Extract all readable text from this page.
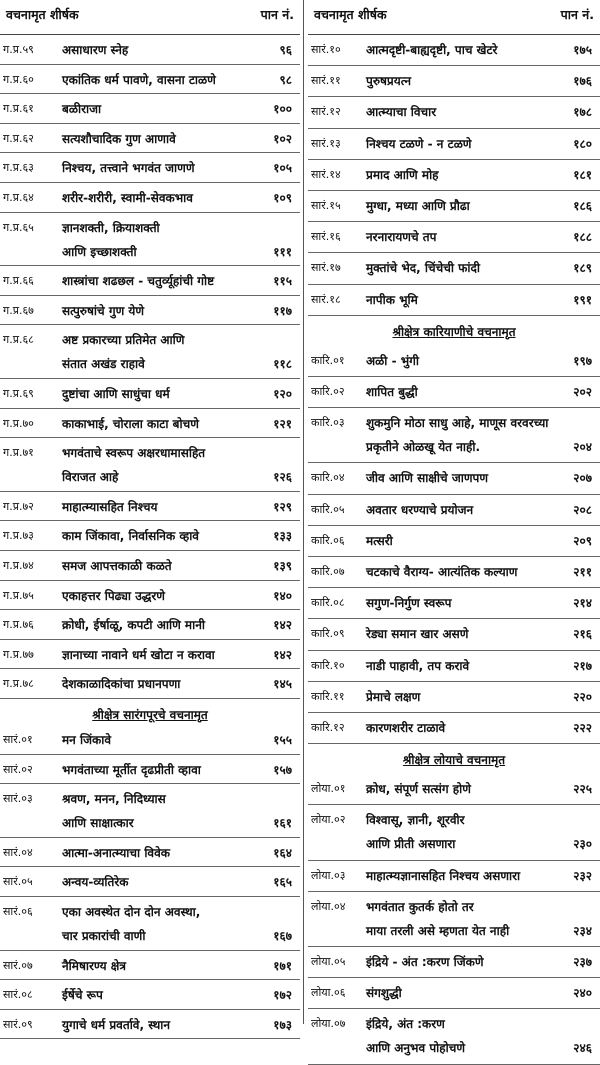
वचनामृत शीर्षक	पान नं.
ग.प्र.५९ असाधारण स्नेह	९६
ग.प्र.६० एकांतिक धर्म पावणे, वासना टाळणे	९८
ग.प्र.६१ बळीराजा	१००
ग.प्र.६२ सत्यशौचादिक गुण आणावे	१०२
ग.प्र.६३ निश्चय, तत्त्वाने भगवंत जाणणे	१०५
ग.प्र.६४ शरीर-शरीरी, स्वामी-सेवकभाव	१०९
ग.प्र.६५ ज्ञानशक्ती, क्रियाशक्ती
आणि इच्छाशक्ती	१११
ग.प्र.६६ शास्त्रांचा शढछल - चतुर्व्यूहांची गोष्ट	११५
ग.प्र.६७ सत्पुरुषांचे गुण येणे	११७
ग.प्र.६८ अष्ट प्रकारच्या प्रतिमेत आणि
संतात अखंड राहावे	११८
ग.प्र.६९ दुष्टांचा आणि साधुंचा धर्म	१२०
ग.प्र.७० काकाभाई, चोराला काटा बोचणे	१२१
ग.प्र.७१ भगवंताचे स्वरूप अक्षरधामासहित
विराजत आहे	१२६
ग.प्र.७२ माहात्म्यासहित निश्चय	१२९
ग.प्र.७३ काम जिंकावा, निर्वासनिक व्हावे	१३३
ग.प्र.७४ समज आपत्तकाळी कळते	१३९
ग.प्र.७५ एकाहत्तर पिढ्या उद्धरणे	१४०
ग.प्र.७६ क्रोधी, ईर्षाळू, कपटी आणि मानी	१४२
ग.प्र.७७ ज्ञानाच्या नावाने धर्म खोटा न करावा	१४२
ग.प्र.७८ देशकाळादिकांचा प्रधानपणा	१४५
श्रीक्षेत्र सारंगपूरचे वचनामृत
सारं.०१ मन जिंकावे	१५५
सारं.०२ भगवंताच्या मूर्तीत दृढप्रीती व्हावा	१५७
सारं.०३ श्रवण, मनन, निदिध्यास
आणि साक्षात्कार	१६१
सारं.०४ आत्मा-अनात्म्याचा विवेक	१६४
सारं.०५ अन्वय-व्यतिरेक	१६५
सारं.०६ एका अवस्थेत दोन दोन अवस्था,
चार प्रकारांची वाणी	१६७
सारं.०७ नैमिषारण्य क्षेत्र	१७१
सारं.०८ ईर्षेचे रूप	१७२
सारं.०९ युगाचे धर्म प्रवर्तावे, स्थान	१७३
वचनामृत शीर्षक	पान नं.
सारं.१० आत्मदृष्टी-बाह्यदृष्टी, पाच खेटरे	१७५
सारं.११ पुरुषप्रयत्न	१७६
सारं.१२ आत्म्याचा विचार	१७८
सारं.१३ निश्चय टळणे - न टळणे	१८०
सारं.१४ प्रमाद आणि मोह	१८१
सारं.१५ मुग्धा, मध्या आणि प्रौढा	१८६
सारं.१६ नरनारायणचे तप	१८८
सारं.१७ मुक्तांचे भेद, चिंचेची फांदी	१८९
सारं.१८ नापीक भूमि	१९१
श्रीक्षेत्र कारियाणीचे वचनामृत
कारि.०१ अळी - भुंगी	१९७
कारि.०२ शापित बुद्धी	२०२
कारि.०३ शुकमुनि मोठा साधु आहे, माणूस वरवरच्या
प्रकृतीने ओळखू येत नाही.	२०४
कारि.०४ जीव आणि साक्षीचे जाणपण	२०७
कारि.०५ अवतार धरण्याचे प्रयोजन	२०८
कारि.०६ मत्सरी	२०९
कारि.०७ चटकाचे वैराग्य- आत्यंतिक कल्याण	२११
कारि.०८ सगुण-निर्गुण स्वरूप	२१४
कारि.०९ रेड्या समान खार असणे	२१६
कारि.१० नाडी पाहावी, तप करावे	२१७
कारि.११ प्रेमाचे लक्षण	२२०
कारि.१२ कारणशरीर टाळावे	२२२
श्रीक्षेत्र लोयाचे वचनामृत
लोया.०१ क्रोध, संपूर्ण सत्संग होणे	२२५
लोया.०२ विश्वासू, ज्ञानी, शूरवीर
आणि प्रीती असणारा	२३०
लोया.०३ माहात्म्यज्ञानासहित निश्चय असणारा	२३२
लोया.०४ भगवंतात कुतर्क होतो तर
माया तरली असे म्हणता येत नाही	२३४
लोया.०५ इंद्रिये - अंत :करण जिंकणे	२३७
लोया.०६ संगशुद्धी	२४०
लोया.०७ इंद्रिये, अंत :करण
आणि अनुभव पोहोचणे	२४६
